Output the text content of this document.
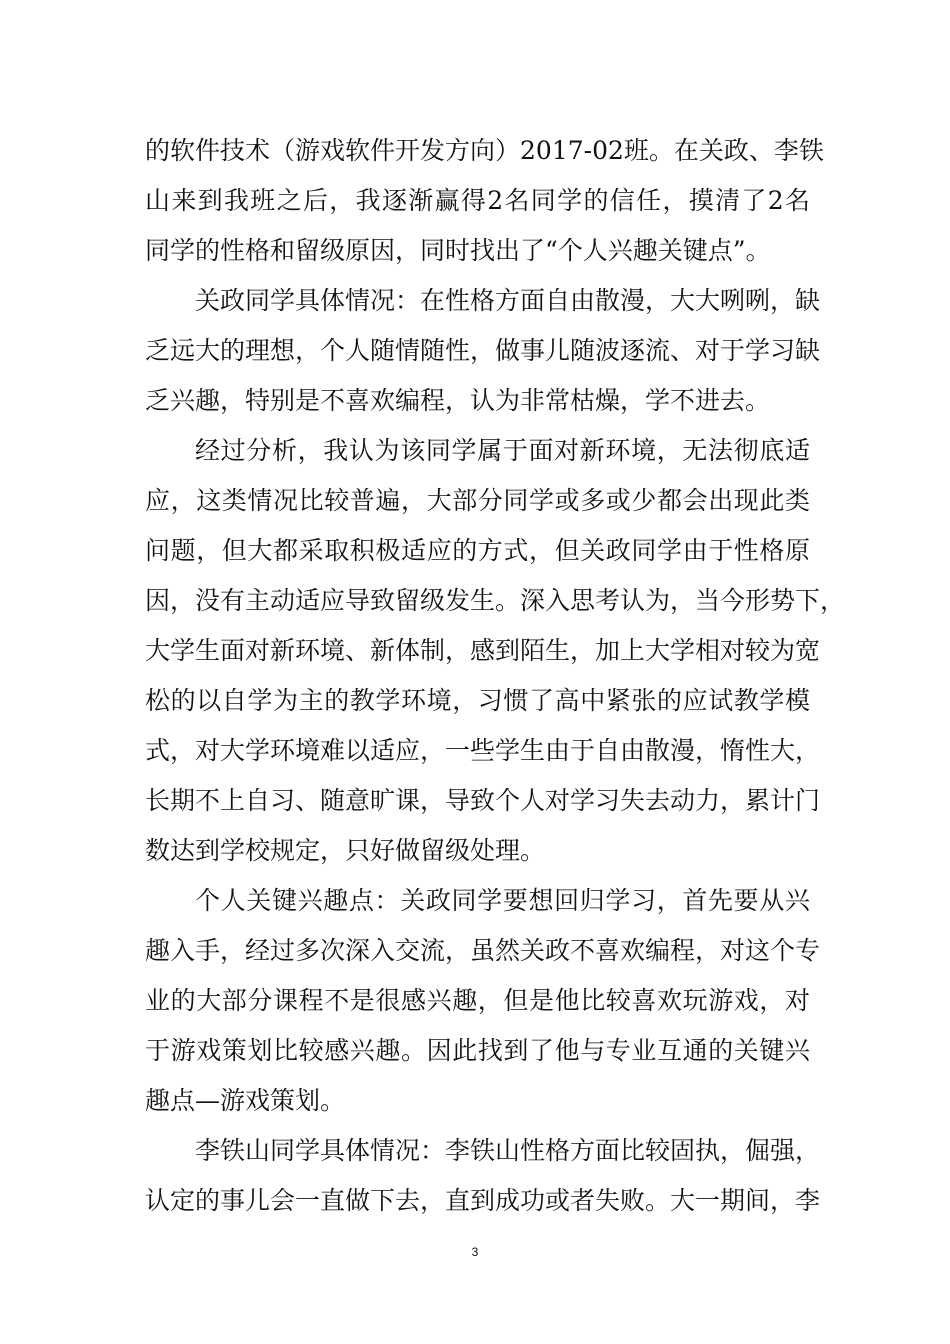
的软件技术（游戏软件开发方向）2017-02班。在关政、李铁
山来到我班之后，我逐渐赢得2名同学的信任，摸清了2名
同学的性格和留级原因，同时找出了“个人兴趣关键点”。
关政同学具体情况：在性格方面自由散漫，大大咧咧，缺
乏远大的理想，个人随情随性，做事儿随波逐流、对于学习缺
乏兴趣，特别是不喜欢编程，认为非常枯燥，学不进去。
经过分析，我认为该同学属于面对新环境，无法彻底适
应，这类情况比较普遍，大部分同学或多或少都会出现此类
问题，但大都采取积极适应的方式，但关政同学由于性格原
因，没有主动适应导致留级发生。深入思考认为，当今形势下，
大学生面对新环境、新体制，感到陌生，加上大学相对较为宽
松的以自学为主的教学环境，习惯了高中紧张的应试教学模
式，对大学环境难以适应，一些学生由于自由散漫，惰性大，
长期不上自习、随意旷课，导致个人对学习失去动力，累计门
数达到学校规定，只好做留级处理。
个人关键兴趣点：关政同学要想回归学习，首先要从兴
趣入手，经过多次深入交流，虽然关政不喜欢编程，对这个专
业的大部分课程不是很感兴趣，但是他比较喜欢玩游戏，对
于游戏策划比较感兴趣。因此找到了他与专业互通的关键兴
趣点—游戏策划。
李铁山同学具体情况：李铁山性格方面比较固执，倔强，
认定的事儿会一直做下去，直到成功或者失败。大一期间，李
3
